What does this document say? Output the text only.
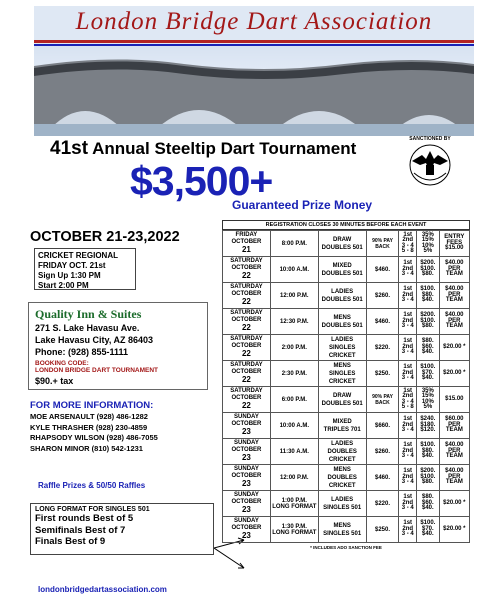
London Bridge Dart Association
41st Annual Steeltip Dart Tournament
$3,500+
Guaranteed Prize Money
SANCTIONED BY
OCTOBER 21-23,2022
CRICKET REGIONAL
FRIDAY OCT. 21st
Sign Up 1:30 PM
Start 2:00 PM
Quality Inn & Suites
271 S. Lake Havasu Ave.
Lake Havasu City, AZ 86403
Phone: (928) 855-1111
BOOKING CODE:
LONDON BRIDGE DART TOURNAMENT
$90.+ tax
FOR MORE INFORMATION:
MOE ARSENAULT (928) 486-1282
KYLE THRASHER (928) 230-4859
RHAPSODY WILSON (928) 486-7055
SHARON MINOR (810) 542-1231
Raffle Prizes & 50/50 Raffles
LONG FORMAT FOR SINGLES 501
First rounds Best of 5
Semifinals Best of 7
Finals Best of 9
londonbridgedartassociation.com
REGISTRATION CLOSES 30 MINUTES BEFORE EACH EVENT
FRIDAY
OCTOBER
21	8:00 P.M.	DRAW DOUBLES 501	90% PAY BACK	1st
2nd
3 - 4
5 - 8	35%
15%
10%
5%	ENTRY FEES
$15.00
SATURDAY
OCTOBER
22	10:00 A.M.	MIXED DOUBLES 501	$460.	1st
2nd
3 - 4	$200.
$100.
$80.	$40.00
PER
TEAM
SATURDAY
OCTOBER
22	12:00 P.M.	LADIES DOUBLES 501	$260.	1st
2nd
3 - 4	$100.
$80.
$40.	$40.00
PER
TEAM
SATURDAY
OCTOBER
22	12:30 P.M.	MENS DOUBLES 501	$460.	1st
2nd
3 - 4	$200.
$100.
$80.	$40.00
PER
TEAM
SATURDAY
OCTOBER
22	2:00 P.M.	LADIES SINGLES CRICKET	$220.	1st
2nd
3 - 4	$80.
$60.
$40.	$20.00 *
SATURDAY
OCTOBER
22	2:30 P.M.	MENS SINGLES CRICKET	$250.	1st
2nd
3 - 4	$100.
$70.
$40.	$20.00 *
SATURDAY
OCTOBER
22	6:00 P.M.	DRAW DOUBLES 501	90% PAY BACK	1st
2nd
3 - 4
5 - 8	35%
15%
10%
5%	$15.00
SUNDAY
OCTOBER
23	10:00 A.M.	MIXED TRIPLES 701	$660.	1st
2nd
3 - 4	$240.
$180.
$120.	$60.00
PER
TEAM
SUNDAY
OCTOBER
23	11:30 A.M.	LADIES DOUBLES CRICKET	$260.	1st
2nd
3 - 4	$100.
$80.
$40.	$40.00
PER
TEAM
SUNDAY
OCTOBER
23	12:00 P.M.	MENS DOUBLES CRICKET	$460.	1st
2nd
3 - 4	$200.
$100.
$80.	$40.00
PER
TEAM
SUNDAY
OCTOBER
23	1:00 P.M.
LONG FORMAT	LADIES SINGLES 501	$220.	1st
2nd
3 - 4	$80.
$60.
$40.	$20.00 *
SUNDAY
OCTOBER
23	1:30 P.M.
LONG FORMAT	MENS SINGLES 501	$250.	1st
2nd
3 - 4	$100.
$70.
$40.	$20.00 *
* INCLUDES ADO SANCTION FEE
